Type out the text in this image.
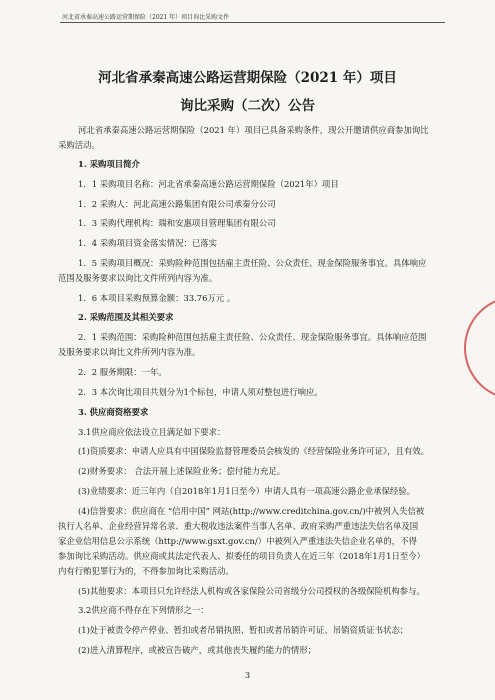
河北省承秦高速公路运营期保险（2021 年）项目询比采购文件
河北省承秦高速公路运营期保险（2021 年）项目
询比采购（二次）公告
河北省承秦高速公路运营期保险（2021 年）项目已具备采购条件，现公开邀请供应商参加询比
采购活动。
1. 采购项目简介
1．1 采购项目名称：河北省承秦高速公路运营期保险（2021年）项目
1．2 采购人：河北高速公路集团有限公司承秦分公司
1．3 采购代理机构：瑞和安惠项目管理集团有限公司
1．4 采购项目资金落实情况：已落实
1．5 采购项目概况：采购险种范围包括雇主责任险、公众责任、现金保险服务事宜。具体响应
范围及服务要求以询比文件所列内容为准。
1．6 本项目采购预算金额：33.76万元 。
2. 采购范围及其相关要求
2．1 采购范围：采购险种范围包括雇主责任险、公众责任、现金保险服务事宜。具体响应范围
及服务要求以询比文件所列内容为准。
2．2 服务期限：一年。
2．3 本次询比项目共划分为1个标包，申请人须对整包进行响应。
3. 供应商资格要求
3.1供应商应依法设立且满足如下要求：
(1)资质要求：申请人应具有中国保险监督管理委员会核发的《经营保险业务许可证》，且有效。
(2)财务要求： 合法开展上述保险业务；偿付能力充足。
(3)业绩要求：近三年内（自2018年1月1日至今）申请人具有一项高速公路企业承保经验。
(4)信誉要求：供应商在 “信用中国” 网站(http://www.creditchina.gov.cn/)中被列入失信被
执行人名单、企业经营异常名录、重大税收违法案件当事人名单、政府采购严重违法失信名单及国
家企业信用信息公示系统（http://www.gsxt.gov.cn/）中被列入严重违法失信企业名单的，不得
参加询比采购活动。供应商或其法定代表人、拟委任的项目负责人在近三年（2018年1月1日至今）
内有行贿犯罪行为的，不得参加询比采购活动。
(5)其他要求：本项目只允许经法人机构或各家保险公司省级分公司授权的各级保险机构参与。
3.2供应商不得存在下列情形之一：
(1)处于被责令停产停业、暂扣或者吊销执照、暂扣或者吊销许可证、吊销资质证书状态；
(2)进入清算程序，或被宣告破产，或其他丧失履约能力的情形；
3
